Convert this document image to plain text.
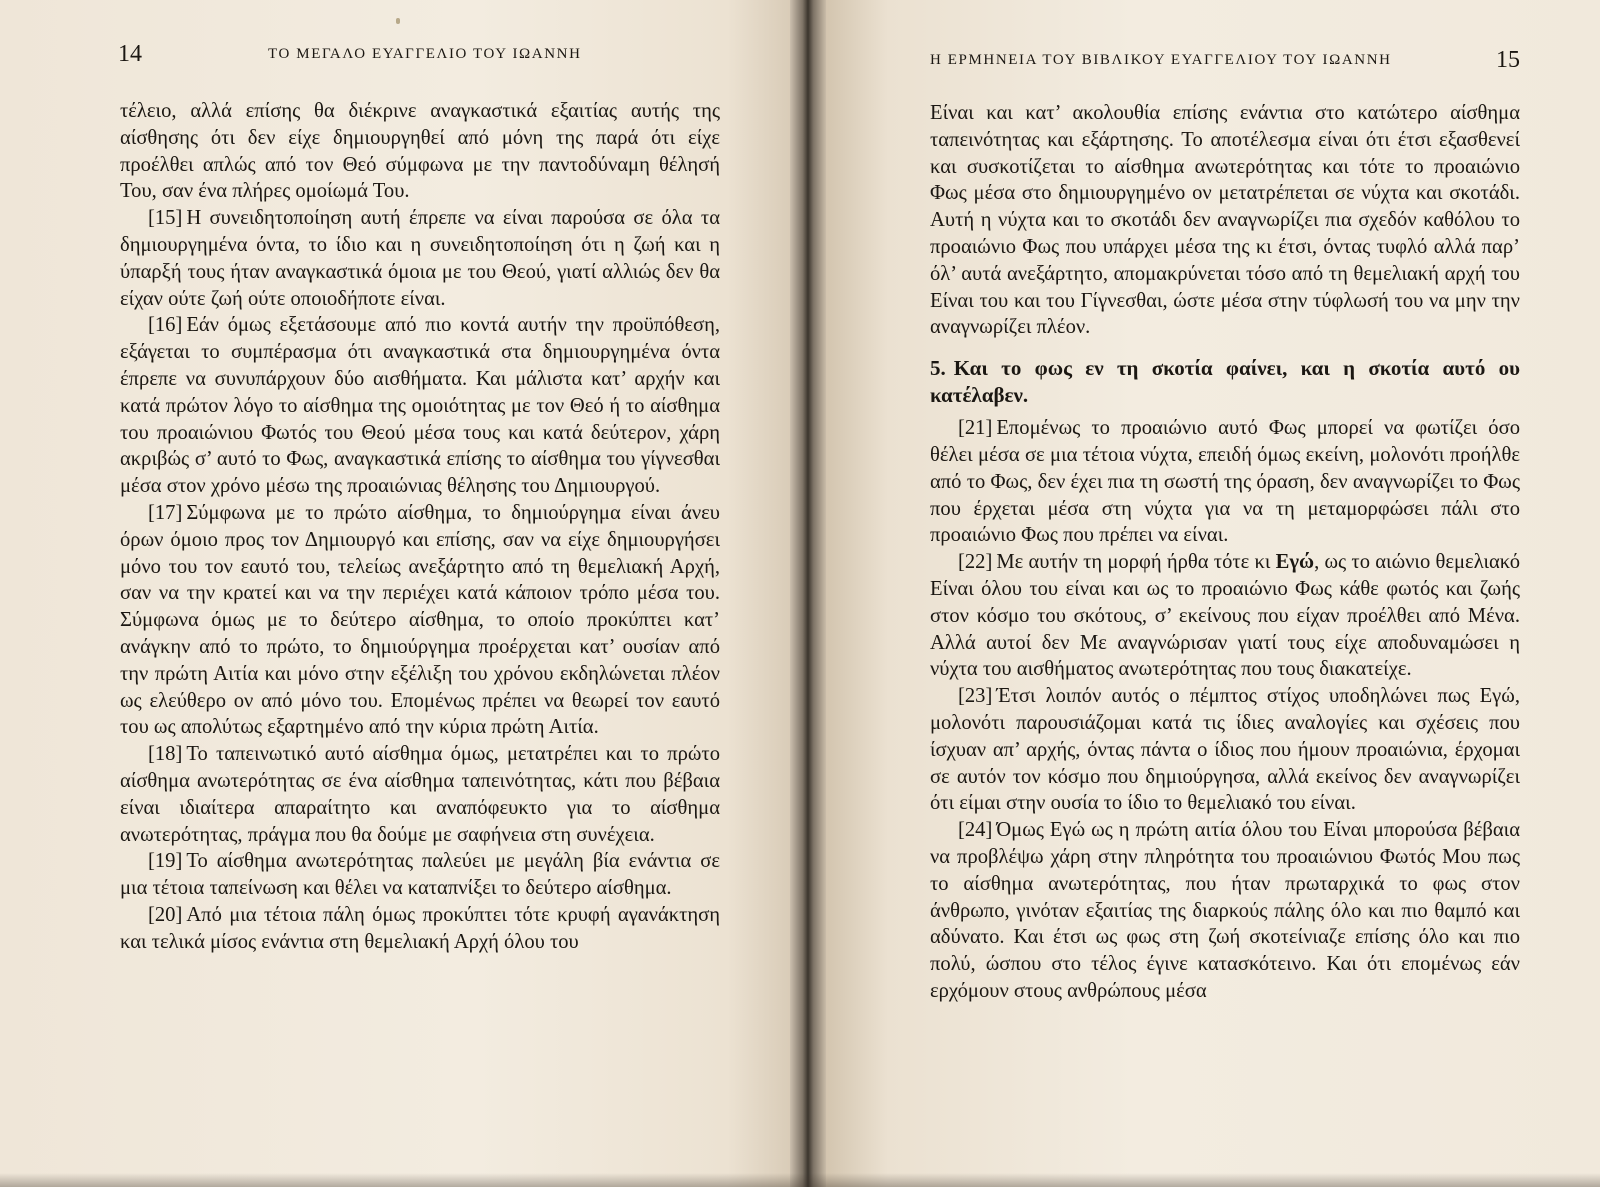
14	ΤΟ ΜΕΓΑΛΟ ΕΥΑΓΓΕΛΙΟ ΤΟΥ ΙΩΑΝΝΗ

τέλειο, αλλά επίσης θα διέκρινε αναγκαστικά εξαιτίας αυτής της αίσθησης ότι δεν είχε δημιουργηθεί από μόνη της παρά ότι είχε προέλθει απλώς από τον Θεό σύμφωνα με την παντοδύναμη θέλησή Του, σαν ένα πλήρες ομοίωμά Του.

[15] Η συνειδητοποίηση αυτή έπρεπε να είναι παρούσα σε όλα τα δημιουργημένα όντα, το ίδιο και η συνειδητοποίηση ότι η ζωή και η ύπαρξή τους ήταν αναγκαστικά όμοια με του Θεού, γιατί αλλιώς δεν θα είχαν ούτε ζωή ούτε οποιοδήποτε είναι.

[16] Εάν όμως εξετάσουμε από πιο κοντά αυτήν την προϋπόθεση, εξάγεται το συμπέρασμα ότι αναγκαστικά στα δημιουργημένα όντα έπρεπε να συνυπάρχουν δύο αισθήματα. Και μάλιστα κατ’ αρχήν και κατά πρώτον λόγο το αίσθημα της ομοιότητας με τον Θεό ή το αίσθημα του προαιώνιου Φωτός του Θεού μέσα τους και κατά δεύτερον, χάρη ακριβώς σ’ αυτό το Φως, αναγκαστικά επίσης το αίσθημα του γίγνεσθαι μέσα στον χρόνο μέσω της προαιώνιας θέλησης του Δημιουργού.

[17] Σύμφωνα με το πρώτο αίσθημα, το δημιούργημα είναι άνευ όρων όμοιο προς τον Δημιουργό και επίσης, σαν να είχε δημιουργήσει μόνο του τον εαυτό του, τελείως ανεξάρτητο από τη θεμελιακή Αρχή, σαν να την κρατεί και να την περιέχει κατά κάποιον τρόπο μέσα του. Σύμφωνα όμως με το δεύτερο αίσθημα, το οποίο προκύπτει κατ’ ανάγκην από το πρώτο, το δημιούργημα προέρχεται κατ’ ουσίαν από την πρώτη Αιτία και μόνο στην εξέλιξη του χρόνου εκδηλώνεται πλέον ως ελεύθερο ον από μόνο του. Επομένως πρέπει να θεωρεί τον εαυτό του ως απολύτως εξαρτημένο από την κύρια πρώτη Αιτία.

[18] Το ταπεινωτικό αυτό αίσθημα όμως, μετατρέπει και το πρώτο αίσθημα ανωτερότητας σε ένα αίσθημα ταπεινότητας, κάτι που βέβαια είναι ιδιαίτερα απαραίτητο και αναπόφευκτο για το αίσθημα ανωτερότητας, πράγμα που θα δούμε με σαφήνεια στη συνέχεια.

[19] Το αίσθημα ανωτερότητας παλεύει με μεγάλη βία ενάντια σε μια τέτοια ταπείνωση και θέλει να καταπνίξει το δεύτερο αίσθημα.

[20] Από μια τέτοια πάλη όμως προκύπτει τότε κρυφή αγανάκτηση και τελικά μίσος ενάντια στη θεμελιακή Αρχή όλου του

Η ΕΡΜΗΝΕΙΑ ΤΟΥ ΒΙΒΛΙΚΟΥ ΕΥΑΓΓΕΛΙΟΥ ΤΟΥ ΙΩΑΝΝΗ	15

Είναι και κατ’ ακολουθία επίσης ενάντια στο κατώτερο αίσθημα ταπεινότητας και εξάρτησης. Το αποτέλεσμα είναι ότι έτσι εξασθενεί και συσκοτίζεται το αίσθημα ανωτερότητας και τότε το προαιώνιο Φως μέσα στο δημιουργημένο ον μετατρέπεται σε νύχτα και σκοτάδι. Αυτή η νύχτα και το σκοτάδι δεν αναγνωρίζει πια σχεδόν καθόλου το προαιώνιο Φως που υπάρχει μέσα της κι έτσι, όντας τυφλό αλλά παρ’ όλ’ αυτά ανεξάρτητο, απομακρύνεται τόσο από τη θεμελιακή αρχή του Είναι του και του Γίγνεσθαι, ώστε μέσα στην τύφλωσή του να μην την αναγνωρίζει πλέον.

5. Και το φως εν τη σκοτία φαίνει, και η σκοτία αυτό ου κατέλαβεν.

[21] Επομένως το προαιώνιο αυτό Φως μπορεί να φωτίζει όσο θέλει μέσα σε μια τέτοια νύχτα, επειδή όμως εκείνη, μολονότι προήλθε από το Φως, δεν έχει πια τη σωστή της όραση, δεν αναγνωρίζει το Φως που έρχεται μέσα στη νύχτα για να τη μεταμορφώσει πάλι στο προαιώνιο Φως που πρέπει να είναι.

[22] Με αυτήν τη μορφή ήρθα τότε κι Εγώ, ως το αιώνιο θεμελιακό Είναι όλου του είναι και ως το προαιώνιο Φως κάθε φωτός και ζωής στον κόσμο του σκότους, σ’ εκείνους που είχαν προέλθει από Μένα. Αλλά αυτοί δεν Με αναγνώρισαν γιατί τους είχε αποδυναμώσει η νύχτα του αισθήματος ανωτερότητας που τους διακατείχε.

[23] Έτσι λοιπόν αυτός ο πέμπτος στίχος υποδηλώνει πως Εγώ, μολονότι παρουσιάζομαι κατά τις ίδιες αναλογίες και σχέσεις που ίσχυαν απ’ αρχής, όντας πάντα ο ίδιος που ήμουν προαιώνια, έρχομαι σε αυτόν τον κόσμο που δημιούργησα, αλλά εκείνος δεν αναγνωρίζει ότι είμαι στην ουσία το ίδιο το θεμελιακό του είναι.

[24] Όμως Εγώ ως η πρώτη αιτία όλου του Είναι μπορούσα βέβαια να προβλέψω χάρη στην πληρότητα του προαιώνιου Φωτός Μου πως το αίσθημα ανωτερότητας, που ήταν πρωταρχικά το φως στον άνθρωπο, γινόταν εξαιτίας της διαρκούς πάλης όλο και πιο θαμπό και αδύνατο. Και έτσι ως φως στη ζωή σκοτείνιαζε επίσης όλο και πιο πολύ, ώσπου στο τέλος έγινε κατασκότεινο. Και ότι επομένως εάν ερχόμουν στους ανθρώπους μέσα
